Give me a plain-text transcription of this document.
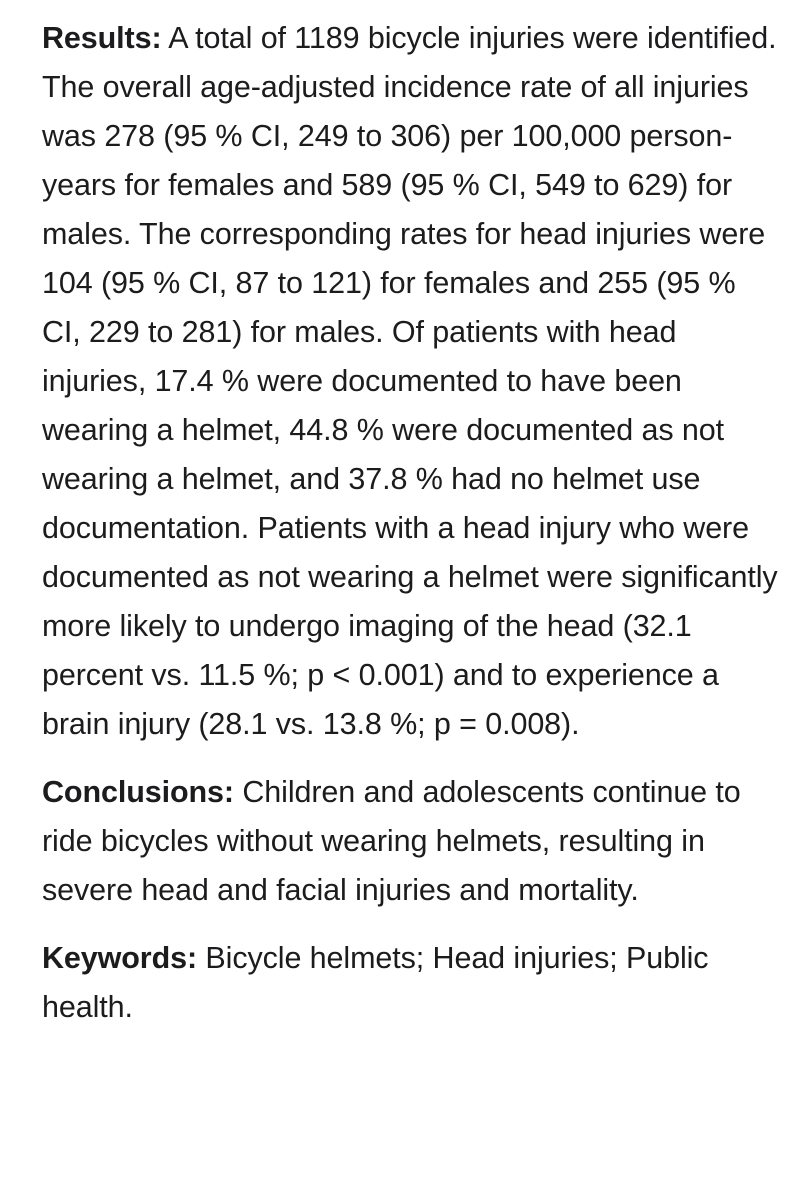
Results: A total of 1189 bicycle injuries were identified. The overall age-adjusted incidence rate of all injuries was 278 (95 % CI, 249 to 306) per 100,000 person-years for females and 589 (95 % CI, 549 to 629) for males. The corresponding rates for head injuries were 104 (95 % CI, 87 to 121) for females and 255 (95 % CI, 229 to 281) for males. Of patients with head injuries, 17.4 % were documented to have been wearing a helmet, 44.8 % were documented as not wearing a helmet, and 37.8 % had no helmet use documentation. Patients with a head injury who were documented as not wearing a helmet were significantly more likely to undergo imaging of the head (32.1 percent vs. 11.5 %; p < 0.001) and to experience a brain injury (28.1 vs. 13.8 %; p = 0.008).

Conclusions: Children and adolescents continue to ride bicycles without wearing helmets, resulting in severe head and facial injuries and mortality.

Keywords: Bicycle helmets; Head injuries; Public health.
